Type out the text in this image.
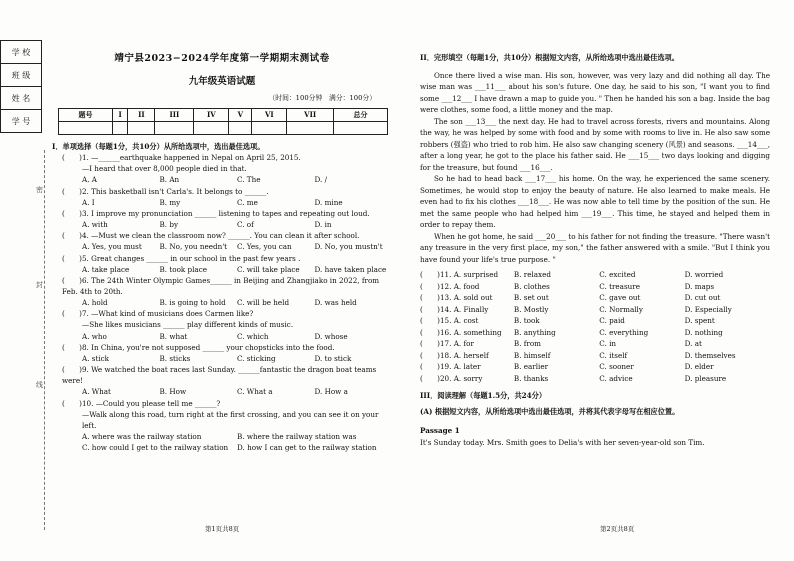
学 校
班 级
姓 名
学 号
密
封
线
靖宁县2023−2024学年度第一学期期末测试卷
九年级英语试题
（时间：100分钟　满分：100分）
题号	I	II	III	IV	V	VI	VII	总分

I．单项选择（每题1分，共10分）从所给选项中，选出最佳选项。
(　　)1. —______earthquake happened in Nepal on April 25, 2015.
—I heard that over 8,000 people died in that.
A. A	B. An	C. The	D. /
(　　)2. This basketball isn't Carla's. It belongs to ______.
A. I	B. my	C. me	D. mine
(　　)3. I improve my pronunciation ______ listening to tapes and repeating out loud.
A. with	B. by	C. of	D. in
(　　)4. —Must we clean the classroom now? ______. You can clean it after school.
A. Yes, you must	B. No, you needn't	C. Yes, you can	D. No, you mustn't
(　　)5. Great changes ______ in our school in the past few years .
A. take place	B. took place	C. will take place	D. have taken place
(　　)6. The 24th Winter Olympic Games______ in Beijing and Zhangjiako in 2022, from Feb. 4th to 20th.
A. hold	B. is going to hold	C. will be held	D. was held
(　　)7. —What kind of musicians does Carmen like?
—She likes musicians ______ play different kinds of music.
A. who	B. what	C. which	D. whose
(　　)8. In China, you're not supposed ______ your chopsticks into the food.
A. stick	B. sticks	C. sticking	D. to stick
(　　)9. We watched the boat races last Sunday. ______fantastic the dragon boat teams were!
A. What	B. How	C. What a	D. How a
(　　)10. —Could you please tell me ______?
—Walk along this road, turn right at the first crossing, and you can see it on your left.
A. where was the railway station	B. where the railway station was
C. how could I get to the railway station	D. how I can get to the railway station
第1页共8页
II．完形填空（每题1分，共10分）根据短文内容，从所给选项中选出最佳选项。

Once there lived a wise man. His son, however, was very lazy and did nothing all day. The wise man was ___11___ about his son's future. One day, he said to his son, "I want you to find some ___12___ I have drawn a map to guide you. " Then he handed his son a bag. Inside the bag were clothes, some food, a little money and the map.

The son ___13___ the next day. He had to travel across forests, rivers and mountains. Along the way, he was helped by some with food and by some with rooms to live in. He also saw some robbers (强盗) who tried to rob him. He also saw changing scenery (风景) and seasons. ___14___, after a long year, he got to the place his father said. He ___15___ two days looking and digging for the treasure, but found ___16___.

So he had to head back ___17___ his home. On the way, he experienced the same scenery. Sometimes, he would stop to enjoy the beauty of nature. He also learned to make meals. He even had to fix his clothes ___18___. He was now able to tell time by the position of the sun. He met the same people who had helped him ___19___. This time, he stayed and helped them in order to repay them.

When he got home, he said ___20___ to his father for not finding the treasure. "There wasn't any treasure in the very first place, my son," the father answered with a smile. "But I think you have found your life's true purpose. "

(　　)11. A. surprised	B. relaxed	C. excited	D. worried
(　　)12. A. food	B. clothes	C. treasure	D. maps
(　　)13. A. sold out	B. set out	C. gave out	D. cut out
(　　)14. A. Finally	B. Mostly	C. Normally	D. Especially
(　　)15. A. cost	B. took	C. paid	D. spent
(　　)16. A. something	B. anything	C. everything	D. nothing
(　　)17. A. for	B. from	C. in	D. at
(　　)18. A. herself	B. himself	C. itself	D. themselves
(　　)19. A. later	B. earlier	C. sooner	D. elder
(　　)20. A. sorry	B. thanks	C. advice	D. pleasure
III．阅读理解（每题1.5分，共24分）
(A) 根据短文内容，从所给选项中选出最佳选项，并将其代表字母写在相应位置。
Passage 1
It's Sunday today. Mrs. Smith goes to Delia's with her seven-year-old son Tim.
第2页共8页
